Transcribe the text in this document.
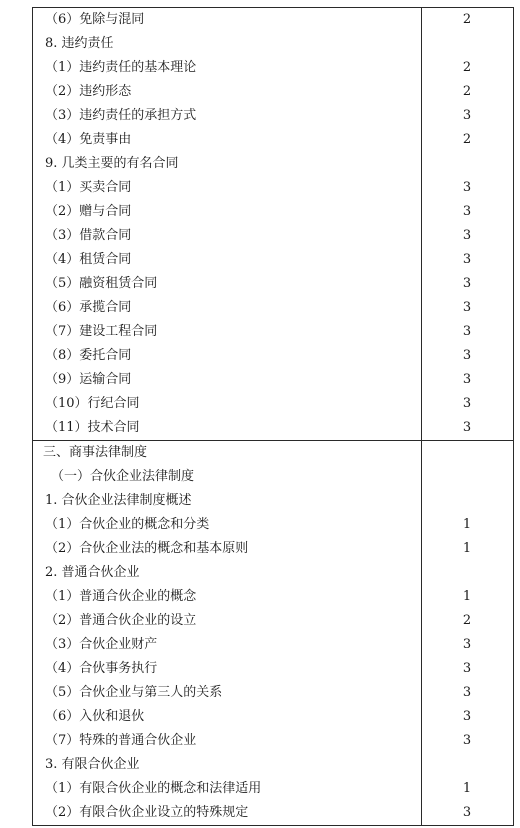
（6）免除与混同	2
8. 违约责任
（1）违约责任的基本理论	2
（2）违约形态	2
（3）违约责任的承担方式	3
（4）免责事由	2
9. 几类主要的有名合同
（1）买卖合同	3
（2）赠与合同	3
（3）借款合同	3
（4）租赁合同	3
（5）融资租赁合同	3
（6）承揽合同	3
（7）建设工程合同	3
（8）委托合同	3
（9）运输合同	3
（10）行纪合同	3
（11）技术合同	3
三、商事法律制度
（一）合伙企业法律制度
1. 合伙企业法律制度概述
（1）合伙企业的概念和分类	1
（2）合伙企业法的概念和基本原则	1
2. 普通合伙企业
（1）普通合伙企业的概念	1
（2）普通合伙企业的设立	2
（3）合伙企业财产	3
（4）合伙事务执行	3
（5）合伙企业与第三人的关系	3
（6）入伙和退伙	3
（7）特殊的普通合伙企业	3
3. 有限合伙企业
（1）有限合伙企业的概念和法律适用	1
（2）有限合伙企业设立的特殊规定	3
